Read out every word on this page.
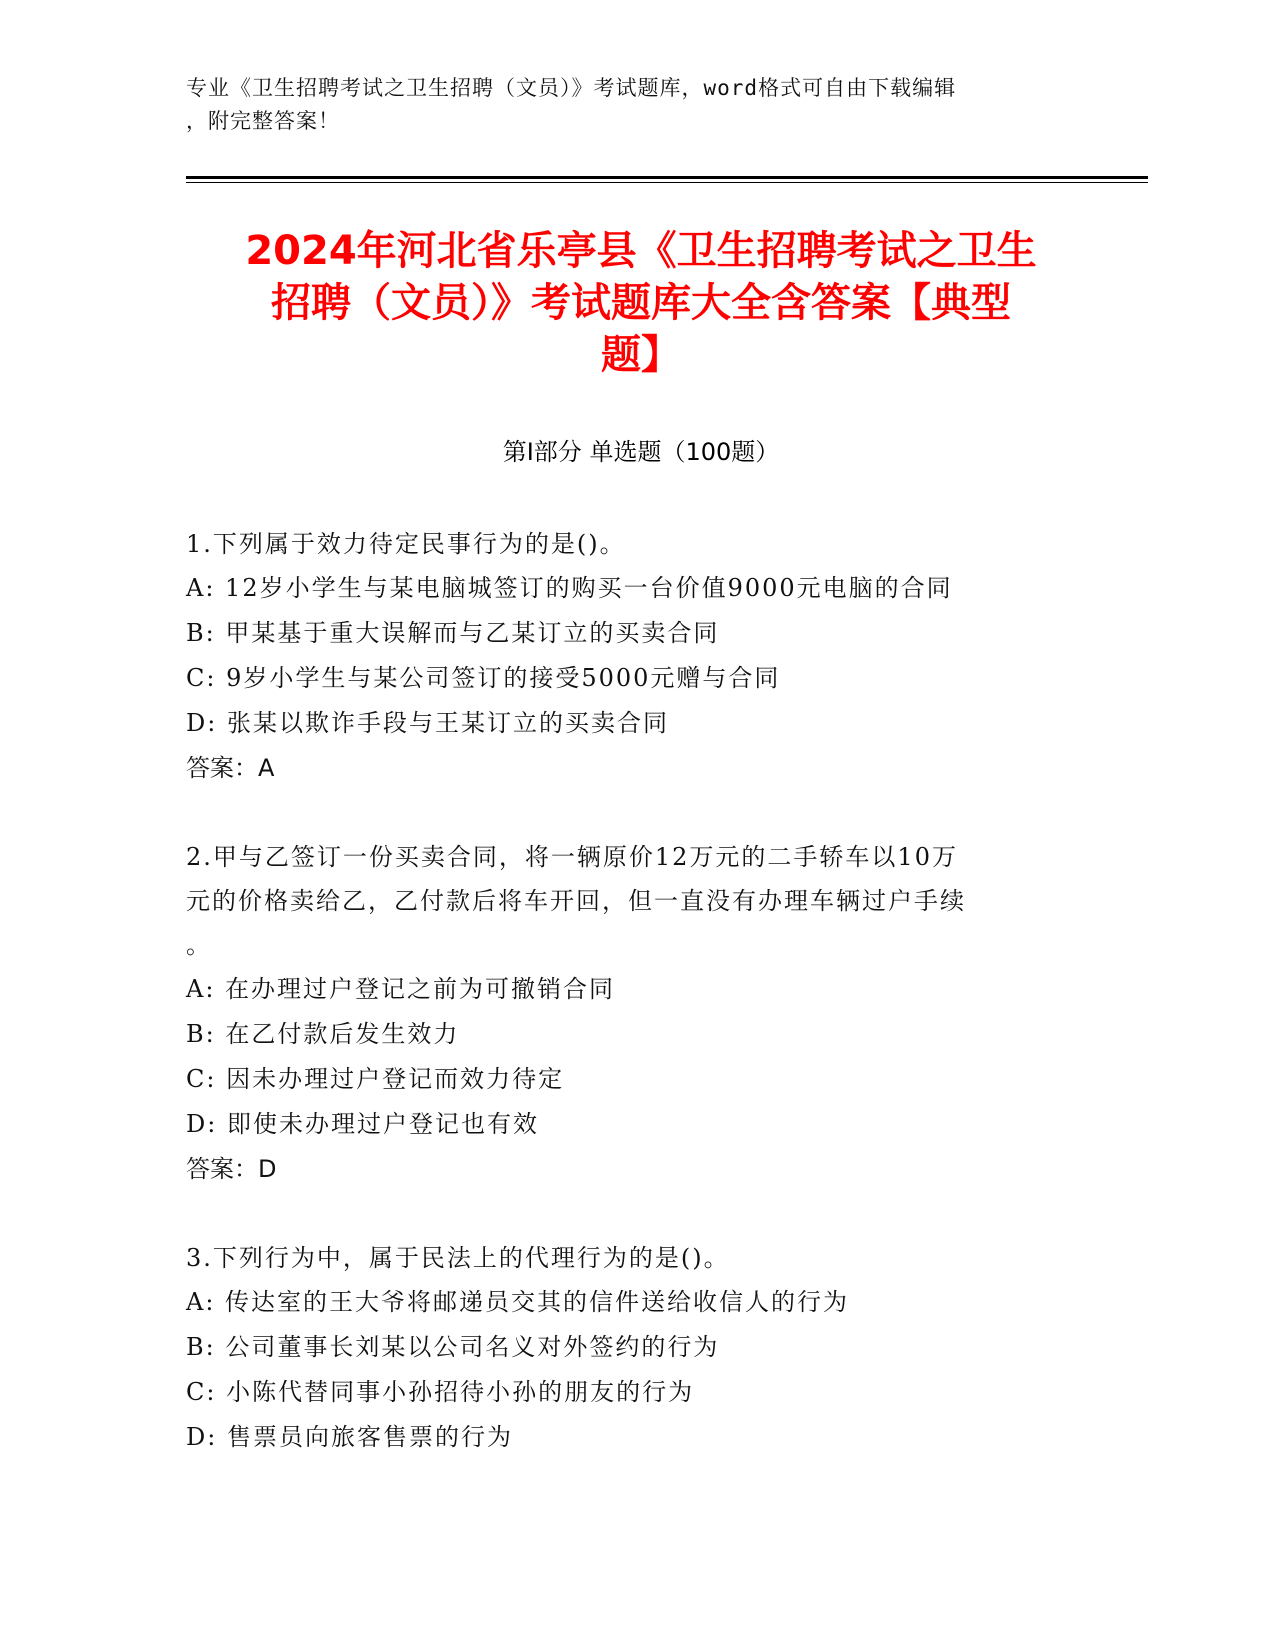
专业《卫生招聘考试之卫生招聘（文员）》考试题库，word格式可自由下载编辑
，附完整答案！
2024年河北省乐亭县《卫生招聘考试之卫生
招聘（文员）》考试题库大全含答案【典型
题】
第Ⅰ部分 单选题（100题）
1.下列属于效力待定民事行为的是()。
A: 12岁小学生与某电脑城签订的购买一台价值9000元电脑的合同
B: 甲某基于重大误解而与乙某订立的买卖合同
C: 9岁小学生与某公司签订的接受5000元赠与合同
D: 张某以欺诈手段与王某订立的买卖合同
答案：A
2.甲与乙签订一份买卖合同，将一辆原价12万元的二手轿车以10万
元的价格卖给乙，乙付款后将车开回，但一直没有办理车辆过户手续
。
A: 在办理过户登记之前为可撤销合同
B: 在乙付款后发生效力
C: 因未办理过户登记而效力待定
D: 即使未办理过户登记也有效
答案：D
3.下列行为中，属于民法上的代理行为的是()。
A: 传达室的王大爷将邮递员交其的信件送给收信人的行为
B: 公司董事长刘某以公司名义对外签约的行为
C: 小陈代替同事小孙招待小孙的朋友的行为
D: 售票员向旅客售票的行为
